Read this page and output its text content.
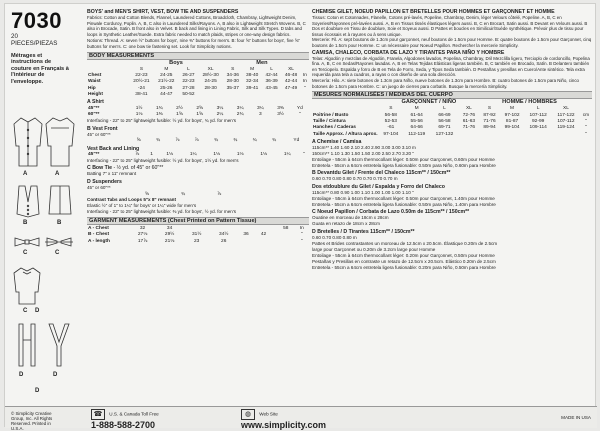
7030
20 PIECES/PIEZAS
Métrages et instructions de couture en Français à l'intérieur de l'enveloppe.
A	A
B	B
C	C
C
D	D
D
D
BOYS' and MEN'S SHIRT, VEST, BOW TIE AND SUSPENDERS
Fabrics: Cotton and Cotton Blends, Flannel, Laundered Cottons, Broadcloth, Chambray, Lightweight Denim, Pinwale Corduroy, Poplin. A, B, C also in Laundered Silks/Rayons. A, B also in Lightweight Stretch Wovens. B, C also in Brocade, Satin. B front also in Velvet. B back and lining in Lining Fabric, Silk and Silk Types. D tabs and loops in Synthetic Leather/Suede. Extra fabric needed to match plaids, stripes or one-way design fabrics.
Notions: Thread. A: seven ½" buttons for boys', nine ⅜" buttons for men's. B: four ⅝" buttons for boys', five ⅝" buttons for men's. C: one bow tie fastening set. Look for Simplicity notions.
BODY MEASUREMENTS
	Boys				Men				
	S	M	L	XL	S	M	L	XL	
Chest	22-23	24-25	26-27	28½-30	34-36	38-40	42-44	46-48	In
Waist	20½-21	21½-22	22-23	24-25	28-30	32-34	36-39	42-44	In
Hip	-24	25-26	27-28	28-30	35-37	39-41	43-45	47-49	"
Height	38-41	44-47	50-52						
A Shirt
45"**	1½	1¾	2½	2⅝	3¼	3¼	3¼	3⅜	Yd
60"**	1⅛	1⅜	1⅝	1⅝	2¼	2¾	3	3½	"
Interfacing - 22" to 25" lightweight fusible: ½ yd. for boys', ¾ yd. for men's
B Vest Front
45" or 60"**
	⅝	¾	⅞	⅞	¾	¾	¾	¾	Yd
Vest Back and Lining
45"**	⅞	1	1⅛	1¼	1⅛	1⅛	1⅛	1¼	"
Interfacing - 22" to 25" lightweight fusible: ½ yd. for boys', 1½ yd. for men's
C Bow Tie - ½ yd. of 45" or 60"**
Batting 7" x 11" remnant
D Suspenders
45" or 60"**
	⅝	¾	⅞						
Contrast Tabs and Loops 5"x 8" remnant
Elastic ½" of 1" to 1¼" for boys' or 1¼" wide for men's
Interfacing - 22" to 25" lightweight fusible: ⅜ yd. for boys', ½ yd. for men's
GARMENT MEASUREMENTS (Chest Printed on Pattern Tissue)
A - Chest	32	34						58	In
B - Chest	27⅛	29½	31½	34½	36	42			"
A - length	17⅞	21⅛	23	26					"
CHEMISE GILET, NOEUD PAPILLON ET BRETELLES POUR HOMMES ET GARÇONNET ET HOMME
Tissus: Coton et Cotonnades, Flanelle, Cotons pré-lavés, Popeline, Chambray, Denim, léger Velours côtelé, Popeline. A, B, C en Soyeries/Rayonnes pré-lavées aussi. A, B en Tissus tissés élastiques légers aussi. B, C en Brocart, Satin aussi. B Devant en Velours aussi. B Dos et doublure en Tissu de doublure, Soie et Soyeux aussi. D Pattes et boucles en Similicuir/Suède synthétique. Prévoir plus de tissu pour tissus écossais et à rayures ou à sens unique.
Mercerie: Fil. A: sept boutons de 1.3cm pour garçonnet, neuf boutons de 1.5cm pour Homme. B: quatre boutons de 1.5cm pour Garçonnet, cinq boutons de 1.5cm pour Homme. C: un nécessaire pour Noeud Papillon. Rechercher la mercerie Simplicity.
CAMISA, CHALECO, CORBATA DE LAZO Y TIRANTES PARA NIÑO Y HOMBRE
Telas: Algodón y mezclas de Algodón, Franela, Algodones lavados, Popelina, Chambray, Dril Mezclilla ligero, Tercioplo de cordoncillo, Popelina fina. A, B, C en Sedas/Rayones lavadas. A, B en Telas Tejidas Elásticas ligeras también. B, C también en Brocado, Satín. B Delantero también en Terciopelo. Espalda y forro de B en Tela de Forro, Seda, y Tipos Seda también. D Pestañas y presillas en Cuero/Ante sintético. Tela extra requerida para tela a cuadros, a rayas o con diseño de una sola dirección.
Mercería: Hilo. A: siete botones de 1.3cm para Niño, nueve botones de 1.3cm para Hombre. B: cuatro botones de 1.5cm para Niño, cinco botones de 1.5cm para Hombre. C: un juego de cierres para corbatín. Busque la mercería Simplicity.
MESURES NORMALISÉES / MEDIDAS DEL CUERPO
	GARÇONNET / NIÑO				HOMME / HOMBRES				
	S	M	L	XL	S	M	L	XL	
Poitrine / Busto	56-58	61-64	66-69	72-76	87-92	97-102	107-112	117-122	cm
Taille / Cintura	52-53	55-56	56-58	61-63	71-76	81-87	92-99	107-112	"
Hanches / Caderas	-61	64-66	69-71	71-76	89-94	99-104	109-114	119-124	"
Taille Approx. / Altura aprox.	97-104	112-119	127-132						"
A Chemise / Camisa
115cm** 1.40 1.60 2.10 2.40 2.90 3.00 3.00 3.10 m
150cm** 1.10 1.30 1.50 1.50 2.00 2.50 2.70 3.20 "
Entoilage - 55cm à 64cm thermocollant léger: 0.50m pour Garçonnet, 0.60m pour Homme
Entretela - 55cm a 64cm entretela ligera fusionable: 0.50m para Niño, 0.60m para Hombre
B Devantdu Gilet / Frente del Chaleco 115cm** / 150cm**
0.60 0.70 0.80 0.80 0.70 0.70 0.70 0.70 m
Dos etdoublure du Gilet / Espalda y Forro del Chaleco
115cm** 0.80 0.90 1.00 1.10 1.00 1.00 1.00 1.10 "
Entoilage - 55cm à 64cm thermocollant léger: 0.50m pour Garçonnet, 1.40m pour Homme
Entretela - 55cm a 64cm entretela ligera fusionable: 0.50m para Niño, 1.40m para Hombre
C Noeud Papillon / Corbata de Lazo 0.50m de 115cm** / 150cm**
Ouatine en morceau de 18cm x 28cm
Guata en retazo de 18cm x 28cm
D Bretelles / D Tirantes 115cm** / 150cm**
0.60 0.70 0.80 0.80 m
Pattes et Brides contrastantes un morceau de 12.5cm x 20.5cm. Élastique 0.20m de 2.5cm
large pour Garçonnet ou 0.20m de 3.2cm large pour Homme
Entoilage - 55cm à 64cm thermocollant léger: 0.20m pour Garçonnet, 0.50m pour Homme
Pestañas y Presillas en contraste un retazo de 12.5cm x 20.5cm. Elástico 0.20m de 2.5cm
Entretela - 55cm a 64cm entretela ligera fusionable: 0.20m para Niño, 0.50m para Hombre
© Simplicity Creative Group, Inc. All Rights Reserved. Printed in U.S.A.
☎ U.S. & Canada Toll Free
1-888-588-2700
◍ Web Site
www.simplicity.com
MADE IN USA
